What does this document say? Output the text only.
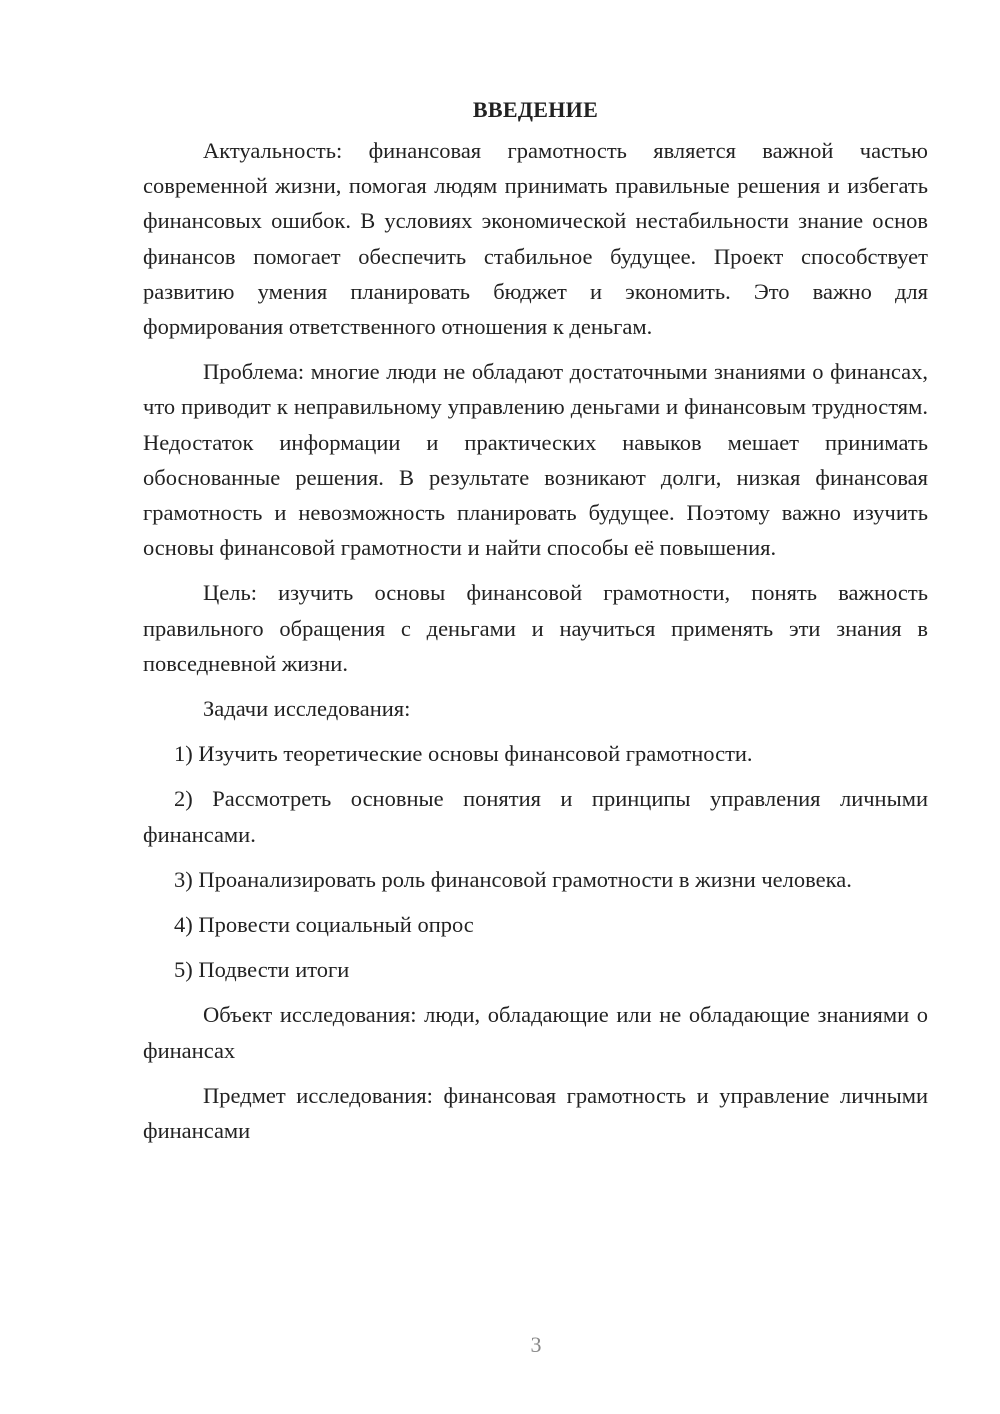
ВВЕДЕНИЕ

Актуальность: финансовая грамотность является важной частью современной жизни, помогая людям принимать правильные решения и избегать финансовых ошибок. В условиях экономической нестабильности знание основ финансов помогает обеспечить стабильное будущее. Проект способствует развитию умения планировать бюджет и экономить. Это важно для формирования ответственного отношения к деньгам.

Проблема: многие люди не обладают достаточными знаниями о финансах, что приводит к неправильному управлению деньгами и финансовым трудностям. Недостаток информации и практических навыков мешает принимать обоснованные решения. В результате возникают долги, низкая финансовая грамотность и невозможность планировать будущее. Поэтому важно изучить основы финансовой грамотности и найти способы её повышения.

Цель: изучить основы финансовой грамотности, понять важность правильного обращения с деньгами и научиться применять эти знания в повседневной жизни.

Задачи исследования:

1) Изучить теоретические основы финансовой грамотности.

2) Рассмотреть основные понятия и принципы управления личными финансами.

3) Проанализировать роль финансовой грамотности в жизни человека.

4) Провести социальный опрос

5) Подвести итоги

Объект исследования: люди, обладающие или не обладающие знаниями о финансах

Предмет исследования: финансовая грамотность и управление личными финансами

3
